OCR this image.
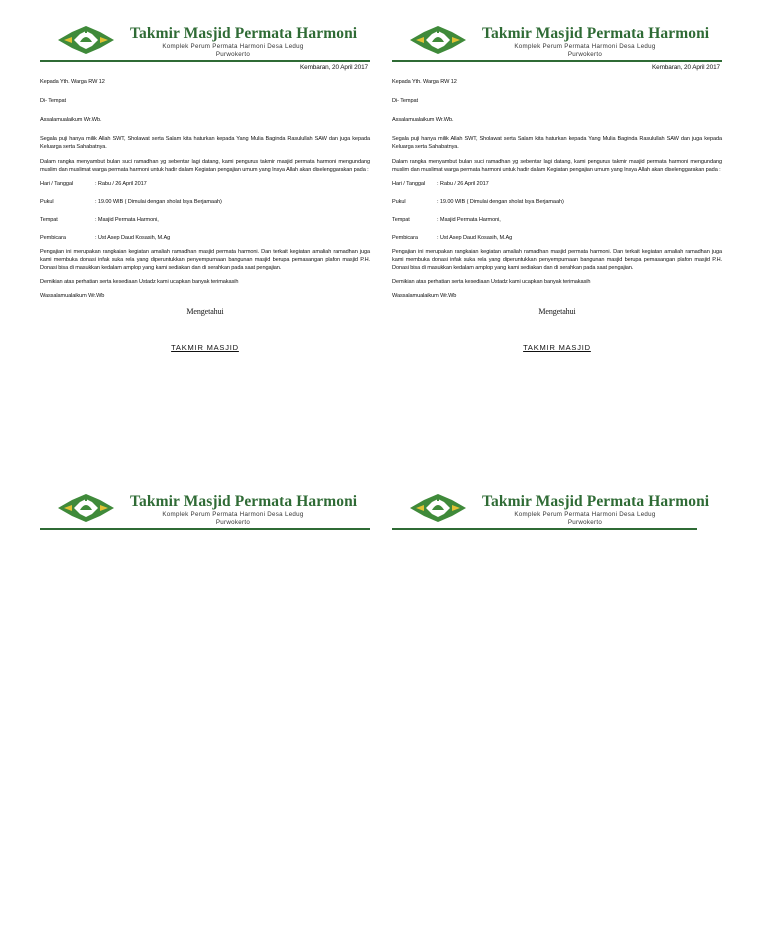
Takmir Masjid Permata Harmoni
Komplek Perum Permata Harmoni Desa Ledug
Purwokerto
Kembaran, 20 April 2017

Kepada Yth. Warga RW 12

Di- Tempat

Assalamualaikum Wr.Wb.

Segala puji hanya milik Allah SWT, Sholawat serta Salam kita haturkan kepada Yang Mulia Baginda Rasulullah SAW dan juga kepada Keluarga serta Sahabatnya.

Dalam rangka menyambut bulan suci ramadhan yg sebentar lagi datang, kami pengurus takmir masjid permata harmoni mengundang muslim dan muslimat warga permata harmoni untuk hadir dalam Kegiatan pengajian umum yang Insya Allah akan diselenggarakan pada :

Hari / Tanggal	: Rabu / 26 April 2017
Pukul	: 19.00 WIB ( Dimulai dengan sholat Isya Berjamaah)
Tempat	: Masjid Permata Harmoni,
Pembicara	: Ust Asep Daud Kosasih, M.Ag

Pengajian ini merupakan rangkaian kegiatan amaliah ramadhan masjid permata harmoni. Dan terkait kegiatan amaliah ramadhan juga kami membuka donasi infak suka rela yang diperuntukkan penyempurnaan bangunan masjid berupa pemasangan plafon masjid P.H. Donasi bisa di masukkan kedalam amplop yang kami sediakan dan di serahkan pada saat pengajian.

Demikian atas perhatian serta kesediaan Ustadz kami ucapkan banyak terimakasih

Wassalamualaikum Wr.Wb

Mengetahui
TAKMIR MASJID
Takmir Masjid Permata Harmoni
Komplek Perum Permata Harmoni Desa Ledug
Purwokerto
Kembaran, 20 April 2017

Kepada Yth. Warga RW 12

Di- Tempat

Assalamualaikum Wr.Wb.

Segala puji hanya milik Allah SWT, Sholawat serta Salam kita haturkan kepada Yang Mulia Baginda Rasulullah SAW dan juga kepada Keluarga serta Sahabatnya.

Dalam rangka menyambut bulan suci ramadhan yg sebentar lagi datang, kami pengurus takmir masjid permata harmoni mengundang muslim dan muslimat warga permata harmoni untuk hadir dalam Kegiatan pengajian umum yang Insya Allah akan diselenggarakan pada :

Hari / Tanggal	: Rabu / 26 April 2017
Pukul	: 19.00 WIB ( Dimulai dengan sholat Isya Berjamaah)
Tempat	: Masjid Permata Harmoni,
Pembicara	: Ust Asep Daud Kosasih, M.Ag

Pengajian ini merupakan rangkaian kegiatan amaliah ramadhan masjid permata harmoni. Dan terkait kegiatan amaliah ramadhan juga kami membuka donasi infak suka rela yang diperuntukkan penyempurnaan bangunan masjid berupa pemasangan plafon masjid P.H. Donasi bisa di masukkan kedalam amplop yang kami sediakan dan di serahkan pada saat pengajian.

Demikian atas perhatian serta kesediaan Ustadz kami ucapkan banyak terimakasih

Wassalamualaikum Wr.Wb

Mengetahui
TAKMIR MASJID
Takmir Masjid Permata Harmoni
Komplek Perum Permata Harmoni Desa Ledug
Purwokerto
Takmir Masjid Permata Harmoni
Komplek Perum Permata Harmoni Desa Ledug
Purwokerto
